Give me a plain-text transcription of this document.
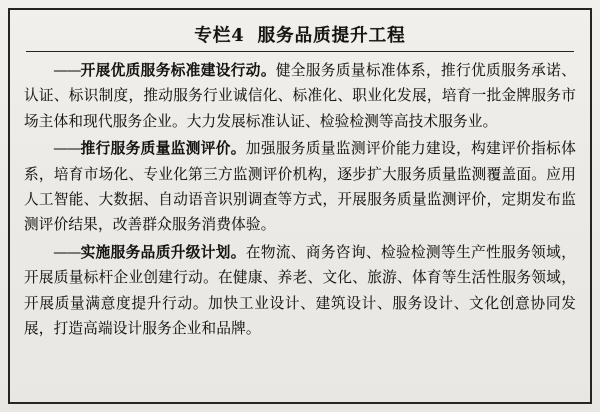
专栏4 服务品质提升工程

——开展优质服务标准建设行动。健全服务质量标准体系，推行优质服务承诺、认证、标识制度，推动服务行业诚信化、标准化、职业化发展，培育一批金牌服务市场主体和现代服务企业。大力发展标准认证、检验检测等高技术服务业。

——推行服务质量监测评价。加强服务质量监测评价能力建设，构建评价指标体系，培育市场化、专业化第三方监测评价机构，逐步扩大服务质量监测覆盖面。应用人工智能、大数据、自动语音识别调查等方式，开展服务质量监测评价，定期发布监测评价结果，改善群众服务消费体验。

——实施服务品质升级计划。在物流、商务咨询、检验检测等生产性服务领域，开展质量标杆企业创建行动。在健康、养老、文化、旅游、体育等生活性服务领域，开展质量满意度提升行动。加快工业设计、建筑设计、服务设计、文化创意协同发展，打造高端设计服务企业和品牌。
